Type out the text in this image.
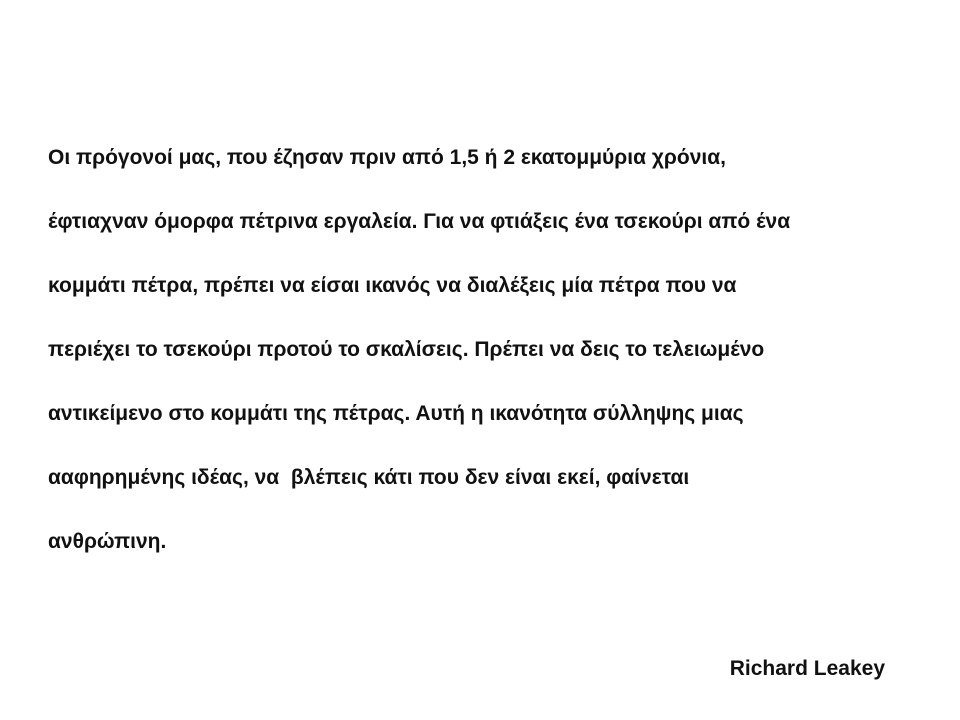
Οι πρόγονοί μας, που έζησαν πριν από 1,5 ή 2 εκατομμύρια χρόνια,
έφτιαχναν όμορφα πέτρινα εργαλεία. Για να φτιάξεις ένα τσεκούρι από ένα
κομμάτι πέτρα, πρέπει να είσαι ικανός να διαλέξεις μία πέτρα που να
περιέχει το τσεκούρι προτού το σκαλίσεις. Πρέπει να δεις το τελειωμένο
αντικείμενο στο κομμάτι της πέτρας. Αυτή η ικανότητα σύλληψης μιας
ααφηρημένης ιδέας, να  βλέπεις κάτι που δεν είναι εκεί, φαίνεται
ανθρώπινη.
Richard Leakey
